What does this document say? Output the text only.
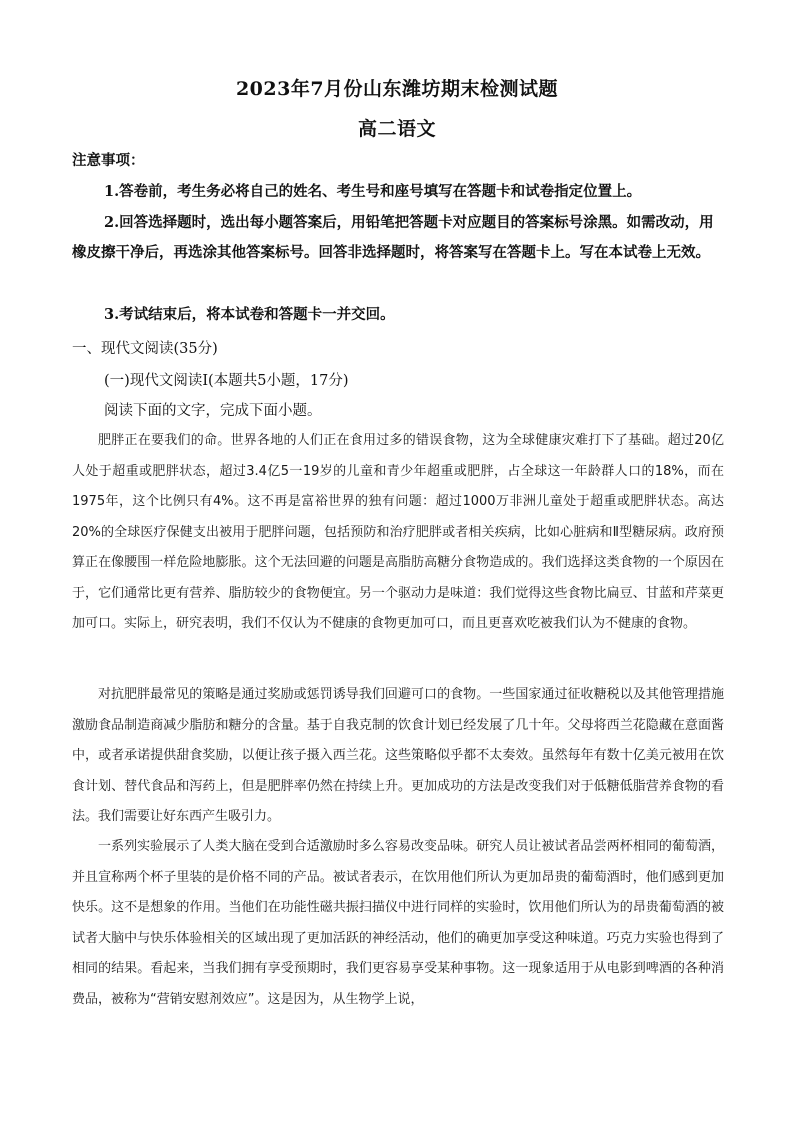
2023年7月份山东潍坊期末检测试题
高二语文
注意事项：
1.答卷前，考生务必将自己的姓名、考生号和座号填写在答题卡和试卷指定位置上。
2.回答选择题时，选出每小题答案后，用铅笔把答题卡对应题目的答案标号涂黑。如需改动，用橡皮擦干净后，再选涂其他答案标号。回答非选择题时，将答案写在答题卡上。写在本试卷上无效。
3.考试结束后，将本试卷和答题卡一并交回。
一、现代文阅读(35分)
(一)现代文阅读Ⅰ(本题共5小题，17分)
阅读下面的文字，完成下面小题。
肥胖正在要我们的命。世界各地的人们正在食用过多的错误食物，这为全球健康灾难打下了基础。超过20亿人处于超重或肥胖状态，超过3.4亿5一19岁的儿童和青少年超重或肥胖，占全球这一年龄群人口的18%，而在1975年，这个比例只有4%。这不再是富裕世界的独有问题：超过1000万非洲儿童处于超重或肥胖状态。高达20%的全球医疗保健支出被用于肥胖问题，包括预防和治疗肥胖或者相关疾病，比如心脏病和Ⅱ型糖尿病。政府预算正在像腰围一样危险地膨胀。这个无法回避的问题是高脂肪高糖分食物造成的。我们选择这类食物的一个原因在于，它们通常比更有营养、脂肪较少的食物便宜。另一个驱动力是味道：我们觉得这些食物比扁豆、甘蓝和芹菜更加可口。实际上，研究表明，我们不仅认为不健康的食物更加可口，而且更喜欢吃被我们认为不健康的食物。
对抗肥胖最常见的策略是通过奖励或惩罚诱导我们回避可口的食物。一些国家通过征收糖税以及其他管理措施激励食品制造商减少脂肪和糖分的含量。基于自我克制的饮食计划已经发展了几十年。父母将西兰花隐藏在意面酱中，或者承诺提供甜食奖励，以便让孩子摄入西兰花。这些策略似乎都不太奏效。虽然每年有数十亿美元被用在饮食计划、替代食品和泻药上，但是肥胖率仍然在持续上升。更加成功的方法是改变我们对于低糖低脂营养食物的看法。我们需要让好东西产生吸引力。
一系列实验展示了人类大脑在受到合适激励时多么容易改变品味。研究人员让被试者品尝两杯相同的葡萄酒，并且宣称两个杯子里装的是价格不同的产品。被试者表示，在饮用他们所认为更加昂贵的葡萄酒时，他们感到更加快乐。这不是想象的作用。当他们在功能性磁共振扫描仪中进行同样的实验时，饮用他们所认为的昂贵葡萄酒的被试者大脑中与快乐体验相关的区域出现了更加活跃的神经活动，他们的确更加享受这种味道。巧克力实验也得到了相同的结果。看起来，当我们拥有享受预期时，我们更容易享受某种事物。这一现象适用于从电影到啤酒的各种消费品，被称为“营销安慰剂效应”。这是因为，从生物学上说，
